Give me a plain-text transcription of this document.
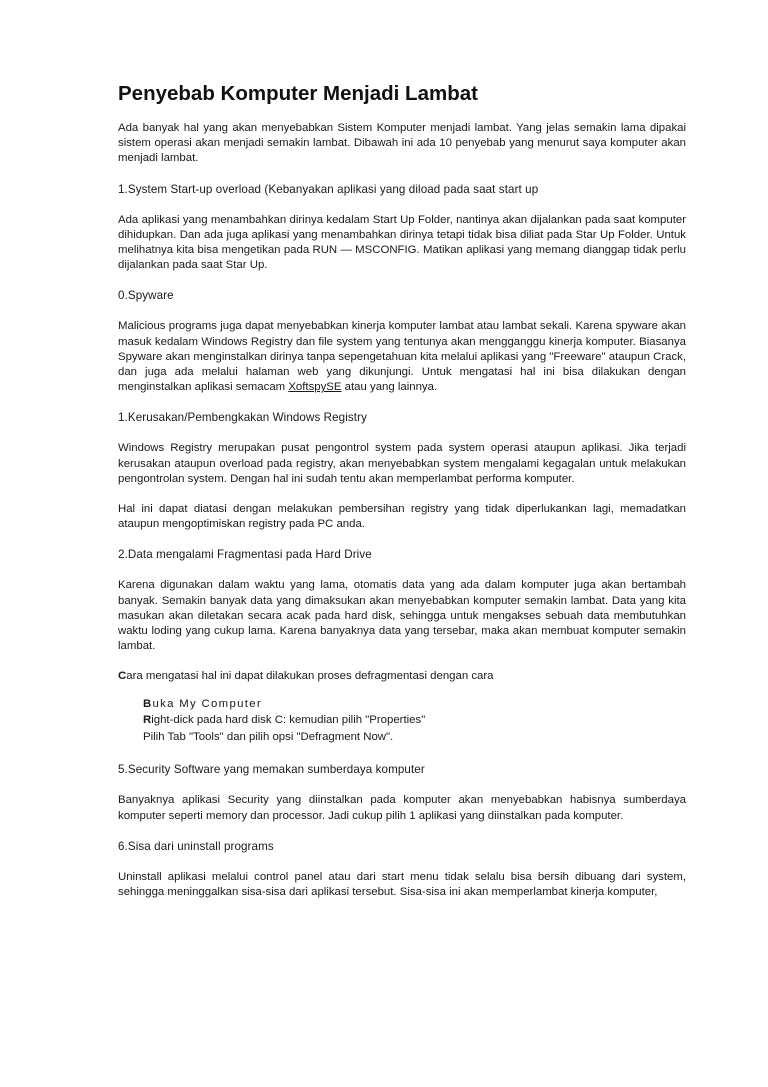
Penyebab Komputer Menjadi Lambat

Ada banyak hal yang akan menyebabkan Sistem Komputer menjadi lambat. Yang jelas semakin lama dipakai sistem operasi akan menjadi semakin lambat. Dibawah ini ada 10 penyebab yang menurut saya komputer akan menjadi lambat.

1.System Start-up overload (Kebanyakan aplikasi yang diload pada saat start up

Ada aplikasi yang menambahkan dirinya kedalam Start Up Folder, nantinya akan dijalankan pada saat komputer dihidupkan. Dan ada juga aplikasi yang menambahkan dirinya tetapi tidak bisa diliat pada Star Up Folder. Untuk melihatnya kita bisa mengetikan pada RUN — MSCONFIG. Matikan aplikasi yang memang dianggap tidak perlu dijalankan pada saat Star Up.

0.Spyware

Malicious programs juga dapat menyebabkan kinerja komputer lambat atau lambat sekali. Karena spyware akan masuk kedalam Windows Registry dan file system yang tentunya akan mengganggu kinerja komputer. Biasanya Spyware akan menginstalkan dirinya tanpa sepengetahuan kita melalui aplikasi yang "Freeware" ataupun Crack, dan juga ada melalui halaman web yang dikunjungi. Untuk mengatasi hal ini bisa dilakukan dengan menginstalkan aplikasi semacam XoftspySE atau yang lainnya.

1.Kerusakan/Pembengkakan Windows Registry

Windows Registry merupakan pusat pengontrol system pada system operasi ataupun aplikasi. Jika terjadi kerusakan ataupun overload pada registry, akan menyebabkan system mengalami kegagalan untuk melakukan pengontrolan system. Dengan hal ini sudah tentu akan memperlambat performa komputer.

Hal ini dapat diatasi dengan melakukan pembersihan registry yang tidak diperlukankan lagi, memadatkan ataupun mengoptimiskan registry pada PC anda.

2.Data mengalami Fragmentasi pada Hard Drive

Karena digunakan dalam waktu yang lama, otomatis data yang ada dalam komputer juga akan bertambah banyak. Semakin banyak data yang dimaksukan akan menyebabkan komputer semakin lambat. Data yang kita masukan akan diletakan secara acak pada hard disk, sehingga untuk mengakses sebuah data membutuhkan waktu loding yang cukup lama. Karena banyaknya data yang tersebar, maka akan membuat komputer semakin lambat.

Cara mengatasi hal ini dapat dilakukan proses defragmentasi dengan cara

Buka My Computer
Right-dick pada hard disk C: kemudian pilih "Properties"
Pilih Tab "Tools" dan pilih opsi "Defragment Now".
5.Security Software yang memakan sumberdaya komputer

Banyaknya aplikasi Security yang diinstalkan pada komputer akan menyebabkan habisnya sumberdaya komputer seperti memory dan processor. Jadi cukup pilih 1 aplikasi yang diinstalkan pada komputer.

6.Sisa dari uninstall programs

Uninstall aplikasi melalui control panel atau dari start menu tidak selalu bisa bersih dibuang dari system, sehingga meninggalkan sisa-sisa dari aplikasi tersebut. Sisa-sisa ini akan memperlambat kinerja komputer,
